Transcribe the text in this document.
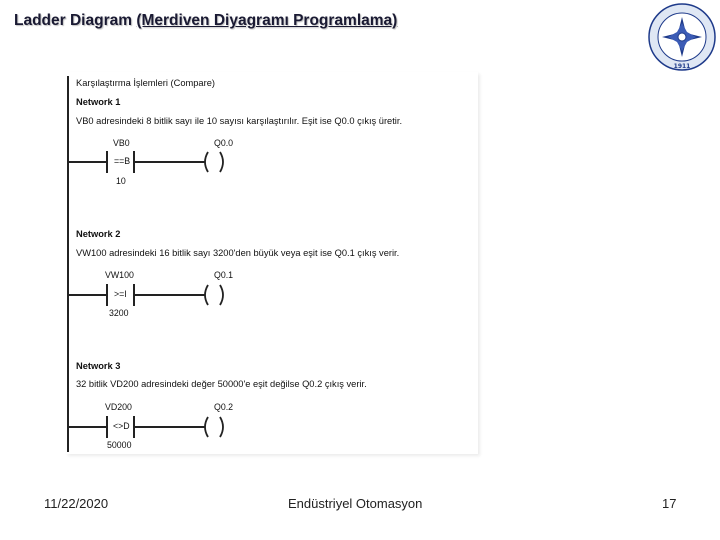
Ladder Diagram (Merdiven Diyagramı Programlama)
1911
Karşılaştırma İşlemleri (Compare)
Network 1
VB0 adresindeki 8 bitlik sayı ile 10 sayısı karşılaştırılır. Eşit ise Q0.0 çıkış üretir.
VB0	Q0.0
==B
10
Network 2
VW100 adresindeki 16 bitlik sayı 3200'den büyük veya eşit ise Q0.1 çıkış verir.
VW100	Q0.1
>=I
3200
Network 3
32 bitlik VD200 adresindeki değer 50000'e eşit değilse Q0.2 çıkış verir.
VD200	Q0.2
<>D
50000
11/22/2020	Endüstriyel Otomasyon	17
